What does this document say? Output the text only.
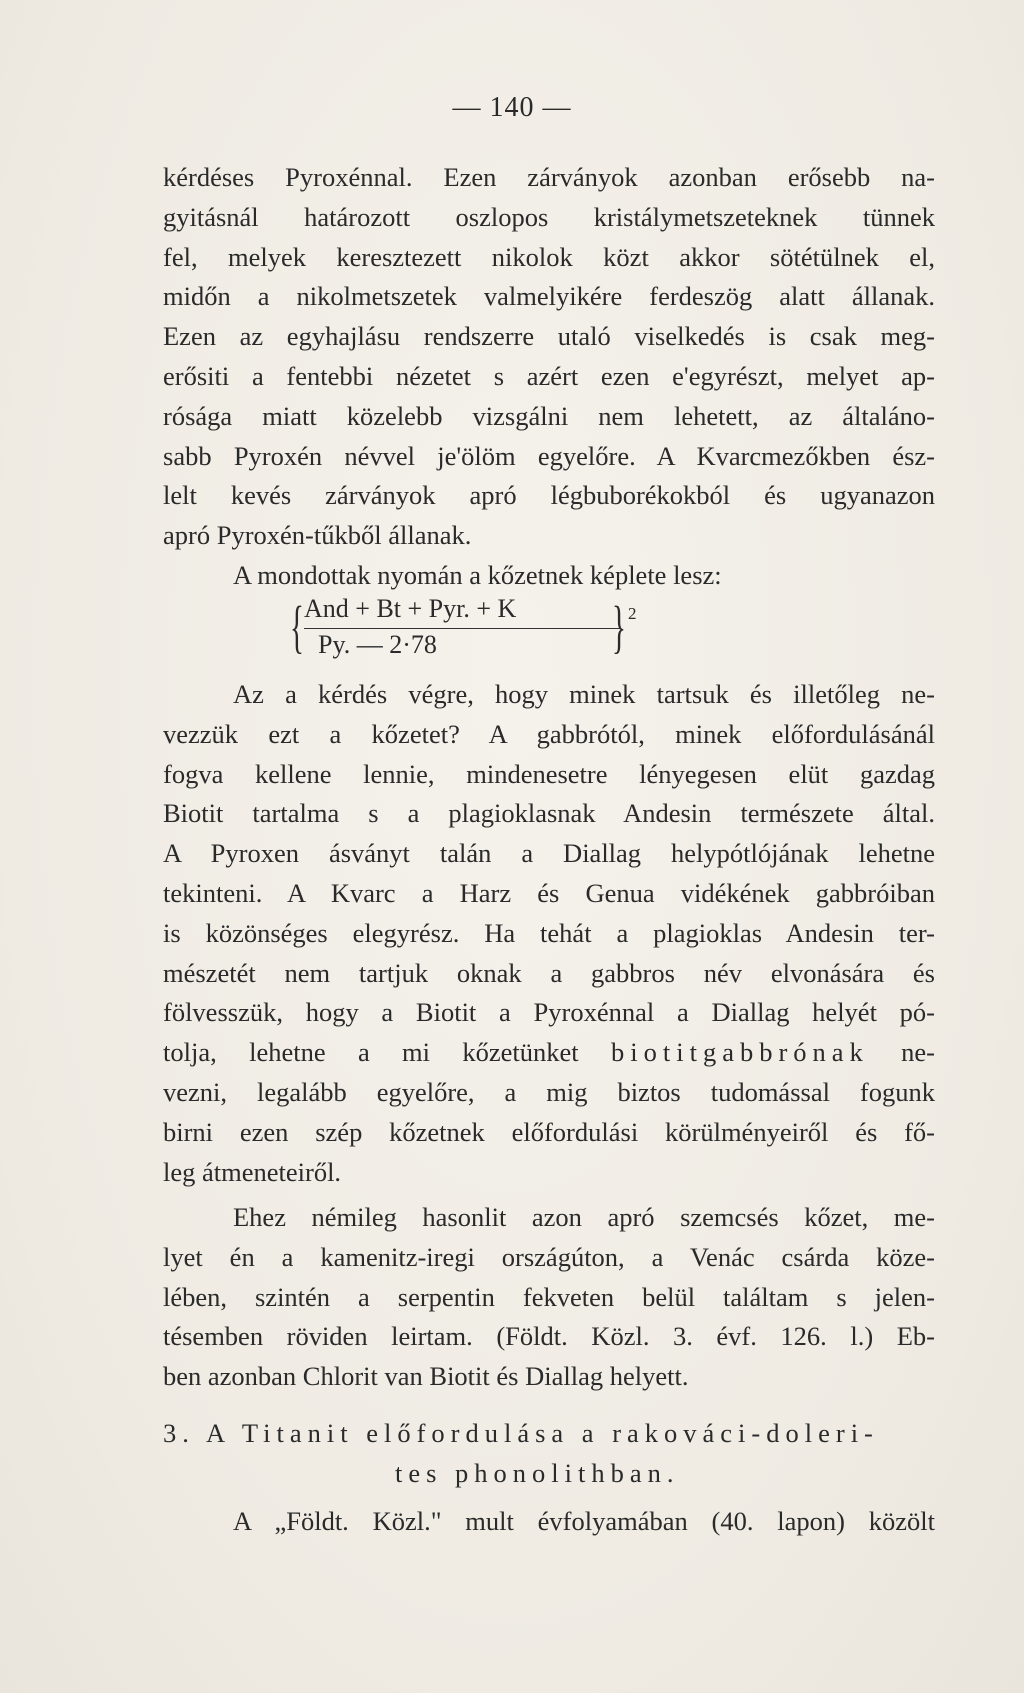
— 140 —
kérdéses Pyroxénnal. Ezen zárványok azonban erősebb na-
gyitásnál határozott oszlopos kristálymetszeteknek tünnek
fel, melyek keresztezett nikolok közt akkor sötétülnek el,
midőn a nikolmetszetek valmelyikére ferdeszög alatt állanak.
Ezen az egyhajlásu rendszerre utaló viselkedés is csak meg-
erősiti a fentebbi nézetet s azért ezen e'egyrészt, melyet ap-
rósága miatt közelebb vizsgálni nem lehetett, az általáno-
sabb Pyroxén névvel je'ölöm egyelőre. A Kvarcmezőkben ész-
lelt kevés zárványok apró légbuborékokból és ugyanazon
apró Pyroxén-tűkből állanak.
A mondottak nyomán a kőzetnek képlete lesz:
{ And + Bt + Pyr. + K
Py. — 2·78	} 2
Az a kérdés végre, hogy minek tartsuk és illetőleg ne-
vezzük ezt a kőzetet? A gabbrótól, minek előfordulásánál
fogva kellene lennie, mindenesetre lényegesen elüt gazdag
Biotit tartalma s a plagioklasnak Andesin természete által.
A Pyroxen ásványt talán a Diallag helypótlójának lehetne
tekinteni. A Kvarc a Harz és Genua vidékének gabbróiban
is közönséges elegyrész. Ha tehát a plagioklas Andesin ter-
mészetét nem tartjuk oknak a gabbros név elvonására és
fölvesszük, hogy a Biotit a Pyroxénnal a Diallag helyét pó-
tolja, lehetne a mi kőzetünket biotitgabbrónak ne-
vezni, legalább egyelőre, a mig biztos tudomással fogunk
birni ezen szép kőzetnek előfordulási körülményeiről és fő-
leg átmeneteiről.
Ehez némileg hasonlit azon apró szemcsés kőzet, me-
lyet én a kamenitz-iregi országúton, a Venác csárda köze-
lében, szintén a serpentin fekveten belül találtam s jelen-
tésemben röviden leirtam. (Földt. Közl. 3. évf. 126. l.) Eb-
ben azonban Chlorit van Biotit és Diallag helyett.
3. A Titanit előfordulása a rakováci-doleri-
tes phonolithban.
A „Földt. Közl." mult évfolyamában (40. lapon) közölt
